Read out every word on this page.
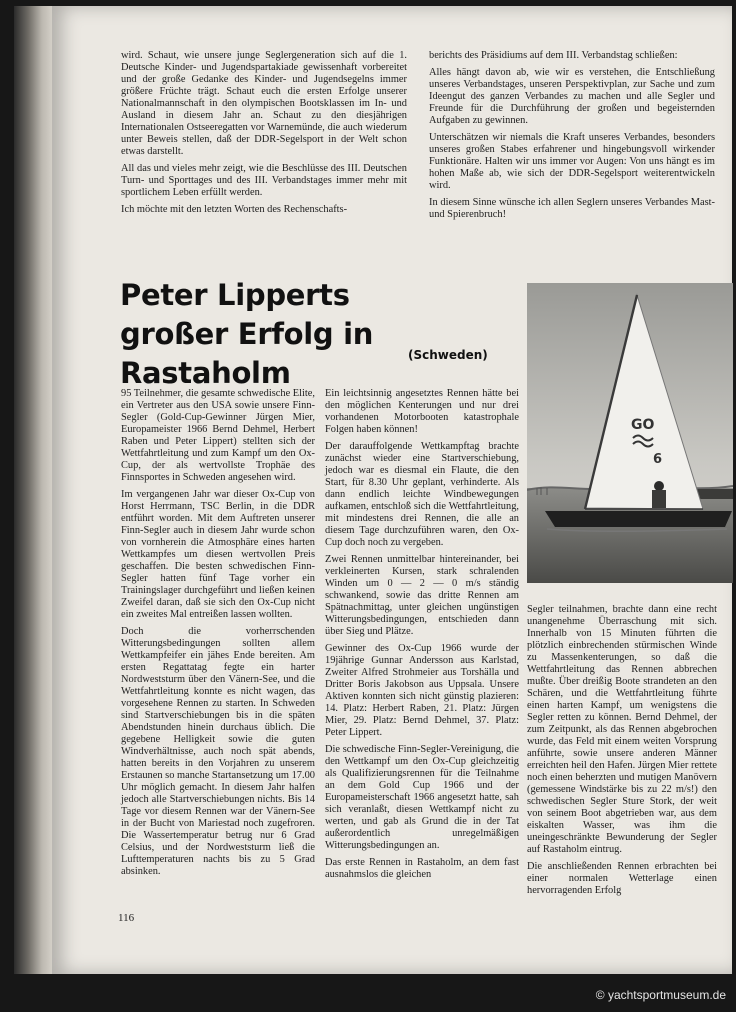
wird. Schaut, wie unsere junge Seglergeneration sich auf die 1. Deutsche Kinder- und Jugendspartakiade gewissenhaft vorbereitet und der große Gedanke des Kinder- und Jugendsegelns immer größere Früchte trägt. Schaut euch die ersten Erfolge unserer Nationalmannschaft in den olympischen Bootsklassen im In- und Ausland in diesem Jahr an. Schaut zu den diesjährigen Internationalen Ostseeregatten vor Warnemünde, die auch wiederum unter Beweis stellen, daß der DDR-Segelsport in der Welt schon etwas darstellt.

All das und vieles mehr zeigt, wie die Beschlüsse des III. Deutschen Turn- und Sporttages und des III. Verbandstages immer mehr mit sportlichem Leben erfüllt werden.

Ich möchte mit den letzten Worten des Rechenschafts-

berichts des Präsidiums auf dem III. Verbandstag schließen:

Alles hängt davon ab, wie wir es verstehen, die Entschließung unseres Verbandstages, unseren Perspektivplan, zur Sache und zum Ideengut des ganzen Verbandes zu machen und alle Segler und Freunde für die Durchführung der großen und begeisternden Aufgaben zu gewinnen.

Unterschätzen wir niemals die Kraft unseres Verbandes, besonders unseres großen Stabes erfahrener und hingebungsvoll wirkender Funktionäre. Halten wir uns immer vor Augen: Von uns hängt es im hohen Maße ab, wie sich der DDR-Segelsport weiterentwickeln wird.

In diesem Sinne wünsche ich allen Seglern unseres Verbandes Mast- und Spierenbruch!

Peter Lipperts
großer Erfolg in Rastaholm
(Schweden)
GO
6

95 Teilnehmer, die gesamte schwedische Elite, ein Vertreter aus den USA sowie unsere Finn-Segler (Gold-Cup-Gewinner Jürgen Mier, Europameister 1966 Bernd Dehmel, Herbert Raben und Peter Lippert) stellten sich der Wettfahrtleitung und zum Kampf um den Ox-Cup, der als wertvollste Trophäe des Finnsportes in Schweden angesehen wird.

Im vergangenen Jahr war dieser Ox-Cup von Horst Herrmann, TSC Berlin, in die DDR entführt worden. Mit dem Auftreten unserer Finn-Segler auch in diesem Jahr wurde schon von vornherein die Atmosphäre eines harten Wettkampfes um diesen wertvollen Preis geschaffen. Die besten schwedischen Finn-Segler hatten fünf Tage vorher ein Trainingslager durchgeführt und ließen keinen Zweifel daran, daß sie sich den Ox-Cup nicht ein zweites Mal entreißen lassen wollten.

Doch die vorherrschenden Witterungsbedingungen sollten allem Wettkampfeifer ein jähes Ende bereiten. Am ersten Regattatag fegte ein harter Nordweststurm über den Vänern-See, und die Wettfahrtleitung konnte es nicht wagen, das vorgesehene Rennen zu starten. In Schweden sind Startverschiebungen bis in die späten Abendstunden hinein durchaus üblich. Die gegebene Helligkeit sowie die guten Windverhältnisse, auch noch spät abends, hatten bereits in den Vorjahren zu unserem Erstaunen so manche Startansetzung um 17.00 Uhr möglich gemacht. In diesem Jahr halfen jedoch alle Startverschiebungen nichts. Bis 14 Tage vor diesem Rennen war der Vänern-See in der Bucht von Mariestad noch zugefroren. Die Wassertemperatur betrug nur 6 Grad Celsius, und der Nordweststurm ließ die Lufttemperaturen nachts bis zu 5 Grad absinken.

Ein leichtsinnig angesetztes Rennen hätte bei den möglichen Kenterungen und nur drei vorhandenen Motorbooten katastrophale Folgen haben können!

Der darauffolgende Wettkampftag brachte zunächst wieder eine Startverschiebung, jedoch war es diesmal ein Flaute, die den Start, für 8.30 Uhr geplant, verhinderte. Als dann endlich leichte Windbewegungen aufkamen, entschloß sich die Wettfahrtleitung, mit mindestens drei Rennen, die alle an diesem Tage durchzuführen waren, den Ox-Cup doch noch zu vergeben.

Zwei Rennen unmittelbar hintereinander, bei verkleinerten Kursen, stark schralenden Winden um 0 — 2 — 0 m/s ständig schwankend, sowie das dritte Rennen am Spätnachmittag, unter gleichen ungünstigen Witterungsbedingungen, entschieden dann über Sieg und Plätze.

Gewinner des Ox-Cup 1966 wurde der 19jährige Gunnar Andersson aus Karlstad, Zweiter Alfred Strohmeier aus Torshälla und Dritter Boris Jakobson aus Uppsala. Unsere Aktiven konnten sich nicht günstig plazieren: 14. Platz: Herbert Raben, 21. Platz: Jürgen Mier, 29. Platz: Bernd Dehmel, 37. Platz: Peter Lippert.

Die schwedische Finn-Segler-Vereinigung, die den Wettkampf um den Ox-Cup gleichzeitig als Qualifizierungsrennen für die Teilnahme an dem Gold Cup 1966 und der Europameisterschaft 1966 angesetzt hatte, sah sich veranlaßt, diesen Wettkampf nicht zu werten, und gab als Grund die in der Tat außerordentlich unregelmäßigen Witterungsbedingungen an.

Das erste Rennen in Rastaholm, an dem fast ausnahmslos die gleichen

Segler teilnahmen, brachte dann eine recht unangenehme Überraschung mit sich. Innerhalb von 15 Minuten führten die plötzlich einbrechenden stürmischen Winde zu Massenkenterungen, so daß die Wettfahrtleitung das Rennen abbrechen mußte. Über dreißig Boote strandeten an den Schären, und die Wettfahrtleitung führte einen harten Kampf, um wenigstens die Segler retten zu können. Bernd Dehmel, der zum Zeitpunkt, als das Rennen abgebrochen wurde, das Feld mit einem weiten Vorsprung anführte, sowie unsere anderen Männer erreichten heil den Hafen. Jürgen Mier rettete noch einen beherzten und mutigen Manövern (gemessene Windstärke bis zu 22 m/s!) den schwedischen Segler Sture Stork, der weit von seinem Boot abgetrieben war, aus dem eiskalten Wasser, was ihm die uneingeschränkte Bewunderung der Segler auf Rastaholm eintrug.

Die anschließenden Rennen erbrachten bei einer normalen Wetterlage einen hervorragenden Erfolg

116
© yachtsportmuseum.de
